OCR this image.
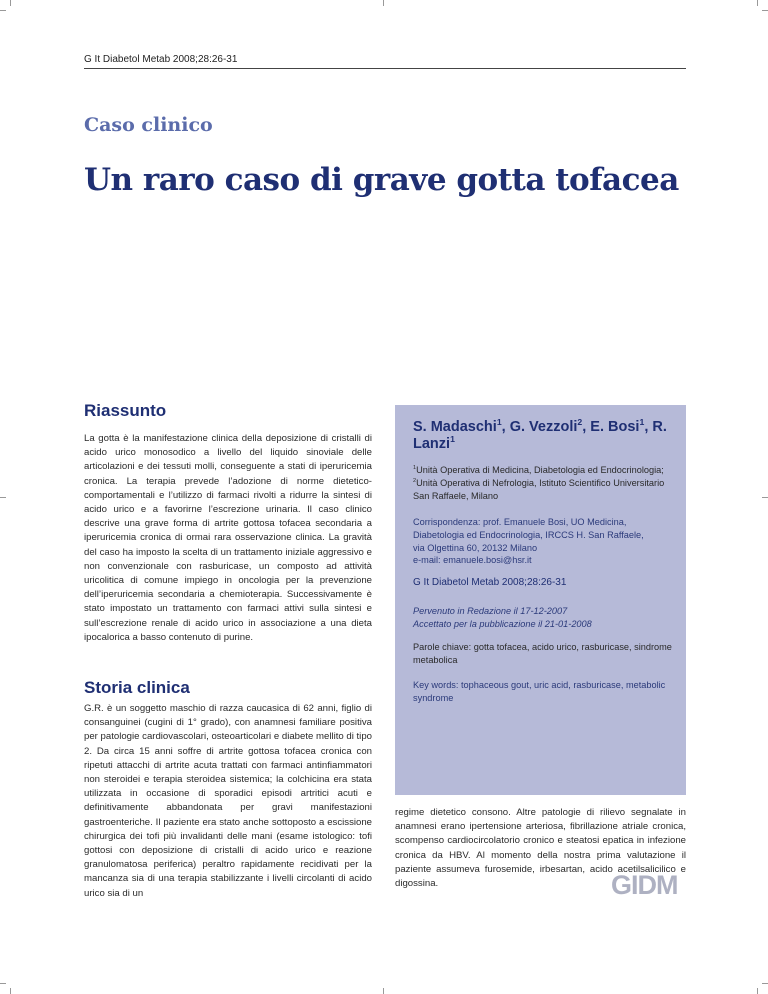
G It Diabetol Metab 2008;28:26-31
Caso clinico
Un raro caso di grave gotta tofacea
Riassunto

La gotta è la manifestazione clinica della deposizione di cristalli di acido urico monosodico a livello del liquido sinoviale delle articolazioni e dei tessuti molli, conseguente a stati di iperuricemia cronica. La terapia prevede l’adozione di norme dietetico-comportamentali e l’utilizzo di farmaci rivolti a ridurre la sintesi di acido urico e a favorirne l’escrezione urinaria. Il caso clinico descrive una grave forma di artrite gottosa tofacea secondaria a iperuricemia cronica di ormai rara osservazione clinica. La gravità del caso ha imposto la scelta di un trattamento iniziale aggressivo e non convenzionale con rasburicase, un composto ad attività uricolitica di comune impiego in oncologia per la prevenzione dell’iperuricemia secondaria a chemioterapia. Successivamente è stato impostato un trattamento con farmaci attivi sulla sintesi e sull’escrezione renale di acido urico in associazione a una dieta ipocalorica a basso contenuto di purine.

Storia clinica

G.R. è un soggetto maschio di razza caucasica di 62 anni, figlio di consanguinei (cugini di 1° grado), con anamnesi familiare positiva per patologie cardiovascolari, osteoarticolari e diabete mellito di tipo 2. Da circa 15 anni soffre di artrite gottosa tofacea cronica con ripetuti attacchi di artrite acuta trattati con farmaci antinfiammatori non steroidei e terapia steroidea sistemica; la colchicina era stata utilizzata in occasione di sporadici episodi artritici acuti e definitivamente abbandonata per gravi manifestazioni gastroenteriche. Il paziente era stato anche sottoposto a escissione chirurgica dei tofi più invalidanti delle mani (esame istologico: tofi gottosi con deposizione di cristalli di acido urico e reazione granulomatosa periferica) peraltro rapidamente recidivati per la mancanza sia di una terapia stabilizzante i livelli circolanti di acido urico sia di un

S. Madaschi$^1$, G. Vezzoli$^2$, E. Bosi$^1$, R. Lanzi$^1$

$^1$Unità Operativa di Medicina, Diabetologia ed Endocrinologia; $^2$Unità Operativa di Nefrologia, Istituto Scientifico Universitario San Raffaele, Milano

Corrispondenza: prof. Emanuele Bosi, UO Medicina, Diabetologia ed Endocrinologia, IRCCS H. San Raffaele,
via Olgettina 60, 20132 Milano
e-mail: emanuele.bosi@hsr.it

G It Diabetol Metab 2008;28:26-31

Pervenuto in Redazione il 17-12-2007
Accettato per la pubblicazione il 21-01-2008

Parole chiave: gotta tofacea, acido urico, rasburicase, sindrome metabolica

Key words: tophaceous gout, uric acid, rasburicase, metabolic syndrome

regime dietetico consono. Altre patologie di rilievo segnalate in anamnesi erano ipertensione arteriosa, fibrillazione atriale cronica, scompenso cardiocircolatorio cronico e steatosi epatica in infezione cronica da HBV. Al momento della nostra prima valutazione il paziente assumeva furosemide, irbesartan, acido acetilsalicilico e digossina.	GIDM
